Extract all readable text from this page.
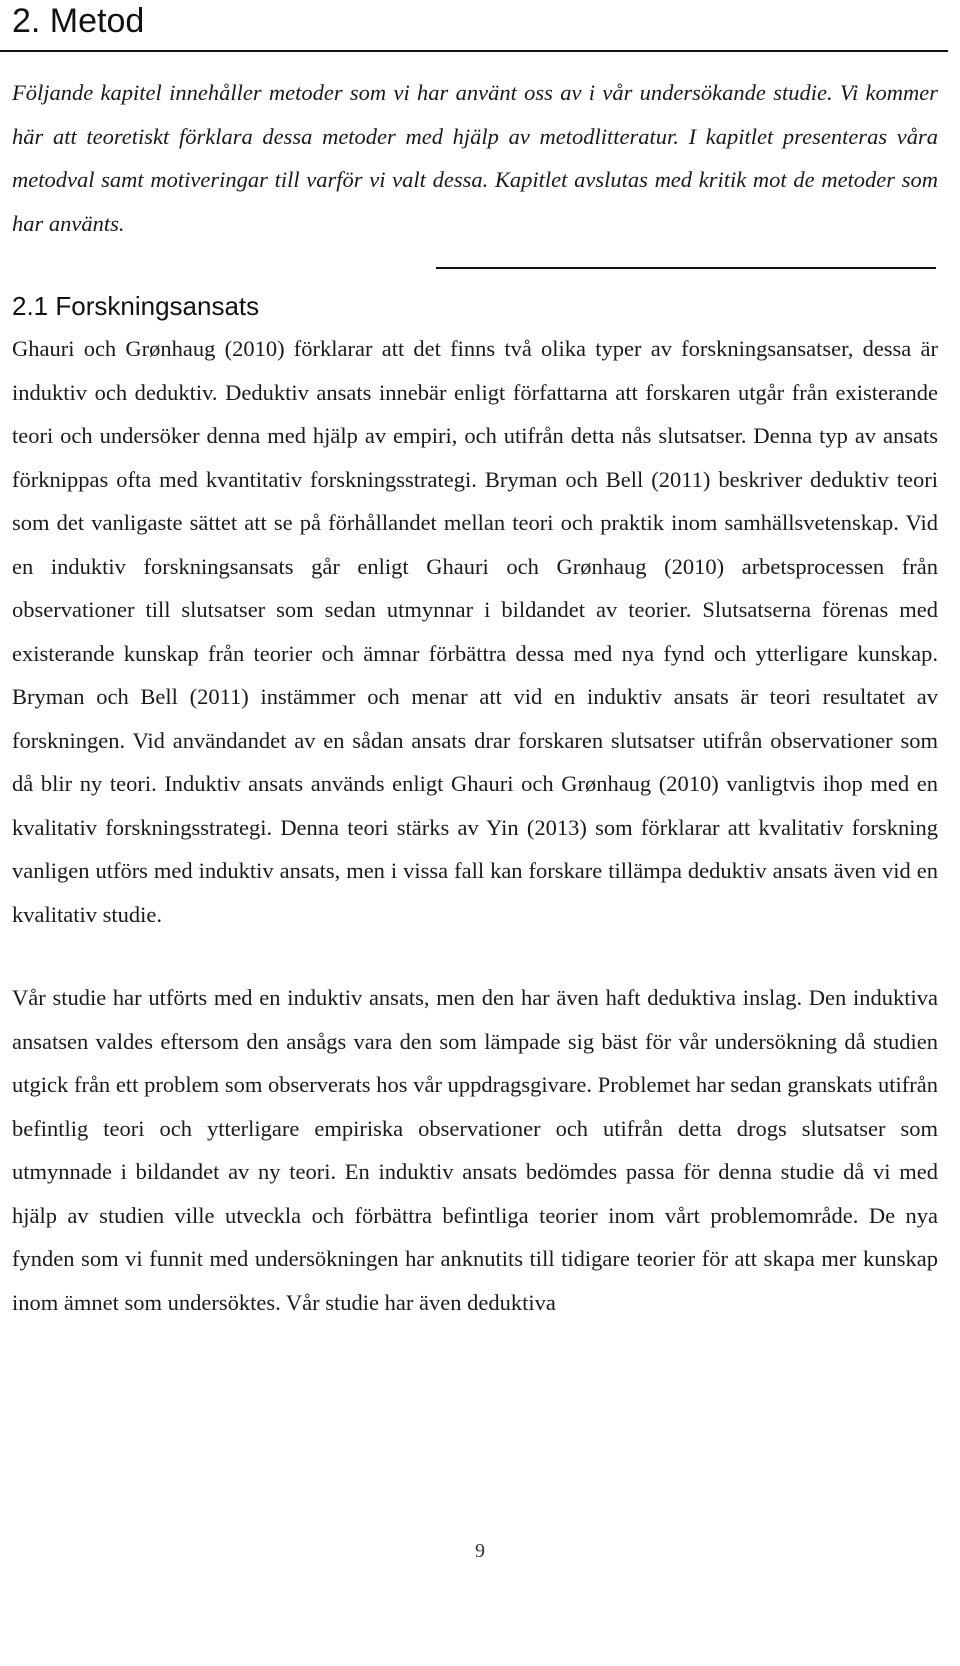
2. Metod

Följande kapitel innehåller metoder som vi har använt oss av i vår undersökande studie. Vi kommer här att teoretiskt förklara dessa metoder med hjälp av metodlitteratur. I kapitlet presenteras våra metodval samt motiveringar till varför vi valt dessa. Kapitlet avslutas med kritik mot de metoder som har använts.

2.1 Forskningsansats

Ghauri och Grønhaug (2010) förklarar att det finns två olika typer av forskningsansatser, dessa är induktiv och deduktiv. Deduktiv ansats innebär enligt författarna att forskaren utgår från existerande teori och undersöker denna med hjälp av empiri, och utifrån detta nås slutsatser. Denna typ av ansats förknippas ofta med kvantitativ forskningsstrategi. Bryman och Bell (2011) beskriver deduktiv teori som det vanligaste sättet att se på förhållandet mellan teori och praktik inom samhällsvetenskap. Vid en induktiv forskningsansats går enligt Ghauri och Grønhaug (2010) arbetsprocessen från observationer till slutsatser som sedan utmynnar i bildandet av teorier. Slutsatserna förenas med existerande kunskap från teorier och ämnar förbättra dessa med nya fynd och ytterligare kunskap. Bryman och Bell (2011) instämmer och menar att vid en induktiv ansats är teori resultatet av forskningen. Vid användandet av en sådan ansats drar forskaren slutsatser utifrån observationer som då blir ny teori. Induktiv ansats används enligt Ghauri och Grønhaug (2010) vanligtvis ihop med en kvalitativ forskningsstrategi. Denna teori stärks av Yin (2013) som förklarar att kvalitativ forskning vanligen utförs med induktiv ansats, men i vissa fall kan forskare tillämpa deduktiv ansats även vid en kvalitativ studie.

Vår studie har utförts med en induktiv ansats, men den har även haft deduktiva inslag. Den induktiva ansatsen valdes eftersom den ansågs vara den som lämpade sig bäst för vår undersökning då studien utgick från ett problem som observerats hos vår uppdragsgivare. Problemet har sedan granskats utifrån befintlig teori och ytterligare empiriska observationer och utifrån detta drogs slutsatser som utmynnade i bildandet av ny teori. En induktiv ansats bedömdes passa för denna studie då vi med hjälp av studien ville utveckla och förbättra befintliga teorier inom vårt problemområde. De nya fynden som vi funnit med undersökningen har anknutits till tidigare teorier för att skapa mer kunskap inom ämnet som undersöktes. Vår studie har även deduktiva

9
